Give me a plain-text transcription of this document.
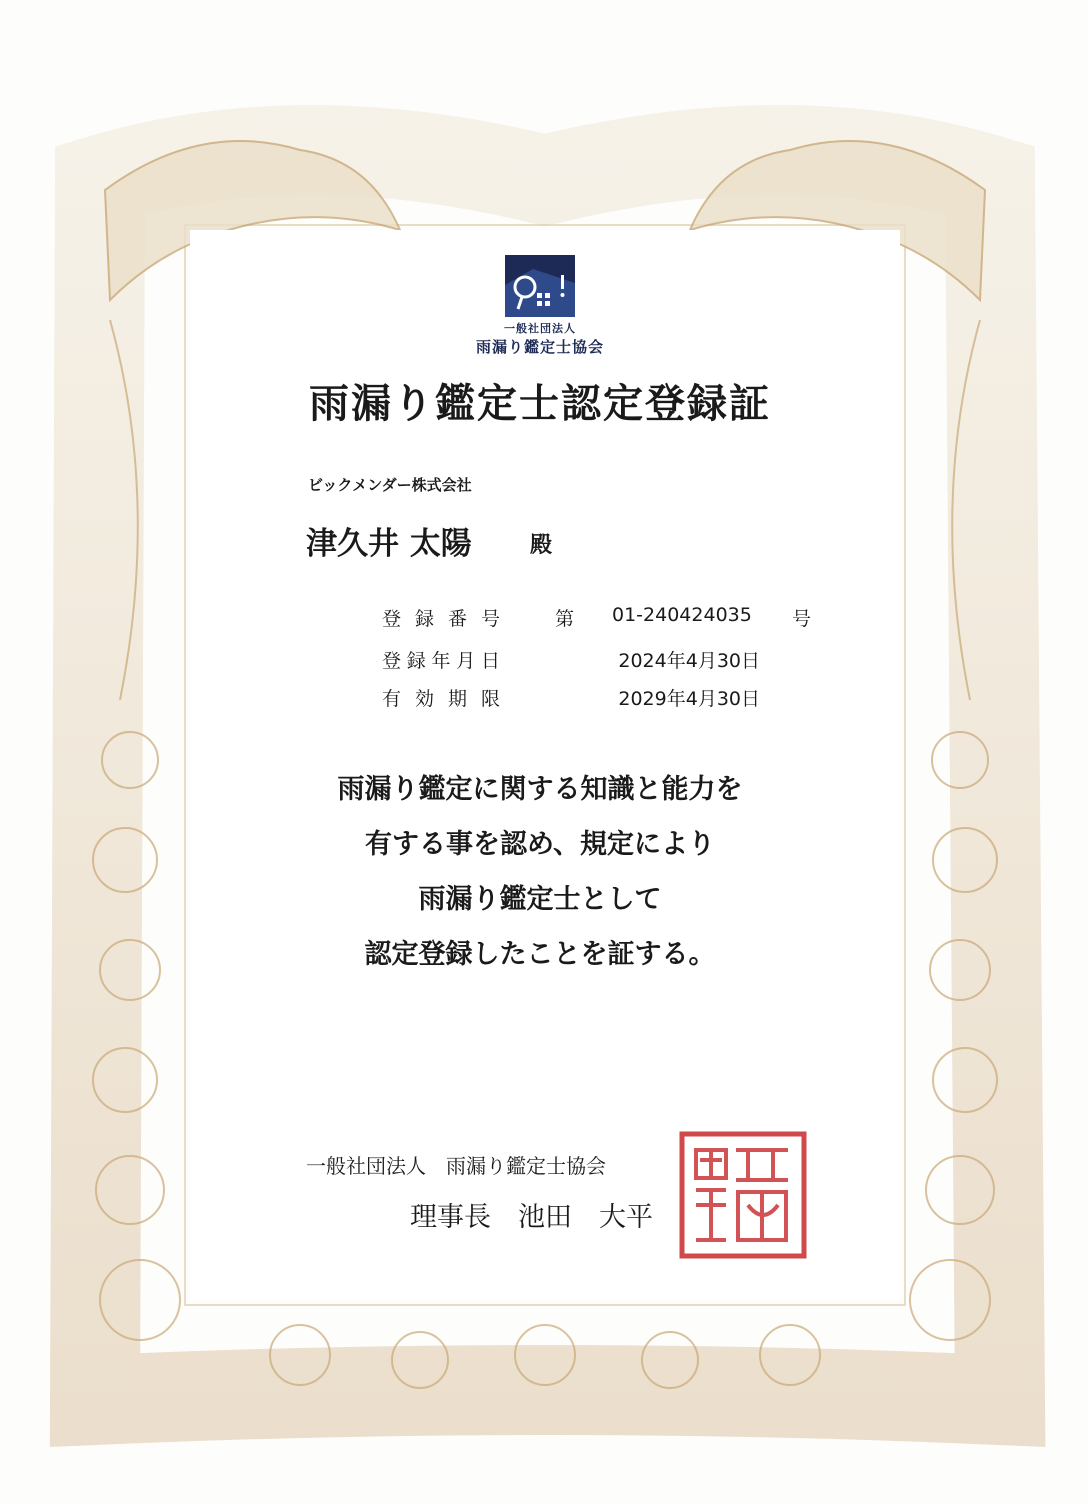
一般社団法人
雨漏り鑑定士協会
雨漏り鑑定士認定登録証
ビックメンダー株式会社
津久井 太陽	殿
登録番号	第 01-240424035 号
登録年月日	2024年4月30日
有効期限	2029年4月30日
雨漏り鑑定に関する知識と能力を
有する事を認め、規定により
雨漏り鑑定士として
認定登録したことを証する。
一般社団法人　雨漏り鑑定士協会
理事長　池田　大平
